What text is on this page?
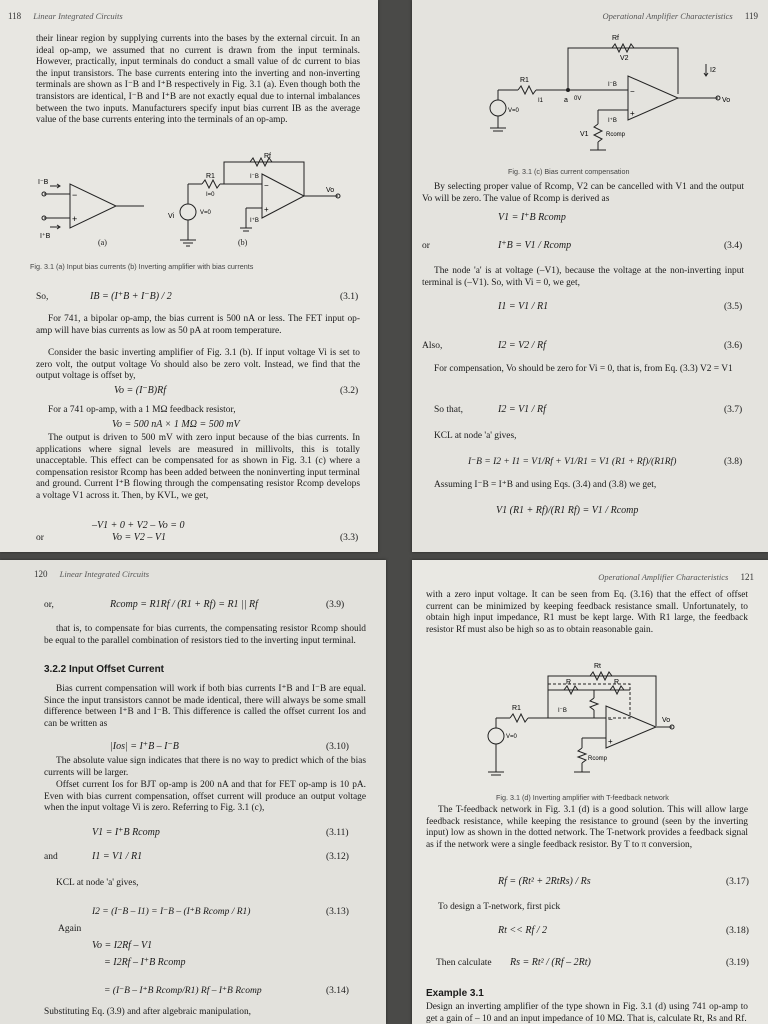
118 Linear Integrated Circuits
their linear region by supplying currents into the bases by the external circuit. In an ideal op-amp, we assumed that no current is drawn from the input terminals. However, practically, input terminals do conduct a small value of dc current to bias the input transistors. The base currents entering into the inverting and non-inverting terminals are shown as I⁻B and I⁺B respectively in Fig. 3.1 (a). Even though both the transistors are identical, I⁻B and I⁺B are not exactly equal due to internal imbalances between the two inputs. Manufacturers specify input bias current IB as the average value of the base currents entering into the terminals of an op-amp.
−
+
I⁻B
I⁺B
(a)
Rf
R1
−
+
I⁻B
I⁺B
I=0
V=0
Vi
Vo
(b)
Fig. 3.1 (a) Input bias currents (b) Inverting amplifier with bias currents
So,	IB = (I⁺B + I⁻B) / 2	(3.1)
For 741, a bipolar op-amp, the bias current is 500 nA or less. The FET input op-amp will have bias currents as low as 50 pA at room temperature.
Consider the basic inverting amplifier of Fig. 3.1 (b). If input voltage Vi is set to zero volt, the output voltage Vo should also be zero volt. Instead, we find that the output voltage is offset by,
Vo = (I⁻B)Rf	(3.2)
For a 741 op-amp, with a 1 MΩ feedback resistor,
Vo = 500 nA × 1 MΩ = 500 mV
The output is driven to 500 mV with zero input because of the bias currents. In applications where signal levels are measured in millivolts, this is totally unacceptable. This effect can be compensated for as shown in Fig. 3.1 (c) where a compensation resistor Rcomp has been added between the noninverting input terminal and ground. Current I⁺B flowing through the compensating resistor Rcomp develops a voltage V1 across it. Then, by KVL, we get,
–V1 + 0 + V2 – Vo = 0
or	Vo = V2 – V1	(3.3)
Operational Amplifier Characteristics 119
Rf
V2
I2
R1
I1	a 0V
I⁻B
I⁺B
−
+
Vo
V=0
V1	Rcomp
Fig. 3.1 (c) Bias current compensation
By selecting proper value of Rcomp, V2 can be cancelled with V1 and the output Vo will be zero. The value of Rcomp is derived as
V1 = I⁺B Rcomp
or	I⁺B = V1 / Rcomp	(3.4)
The node 'a' is at voltage (–V1), because the voltage at the non-inverting input terminal is (–V1). So, with Vi = 0, we get,
I1 = V1 / R1	(3.5)
Also,	I2 = V2 / Rf	(3.6)
For compensation, Vo should be zero for Vi = 0, that is, from Eq. (3.3) V2 = V1
So that,	I2 = V1 / Rf	(3.7)
KCL at node 'a' gives,
I⁻B = I2 + I1 = V1/Rf + V1/R1 = V1 (R1 + Rf)/(R1Rf)	(3.8)
Assuming I⁻B = I⁺B and using Eqs. (3.4) and (3.8) we get,
V1 (R1 + Rf)/(R1 Rf) = V1 / Rcomp
120 Linear Integrated Circuits
or,	Rcomp = R1Rf / (R1 + Rf) = R1 || Rf	(3.9)
that is, to compensate for bias currents, the compensating resistor Rcomp should be equal to the parallel combination of resistors tied to the inverting input terminal.
3.2.2 Input Offset Current
Bias current compensation will work if both bias currents I⁺B and I⁻B are equal. Since the input transistors cannot be made identical, there will always be some small difference between I⁺B and I⁻B. This difference is called the offset current Ios and can be written as
|Ios| = I⁺B – I⁻B	(3.10)
The absolute value sign indicates that there is no way to predict which of the bias currents will be larger.
Offset current Ios for BJT op-amp is 200 nA and that for FET op-amp is 10 pA. Even with bias current compensation, offset current will produce an output voltage when the input voltage Vi is zero. Referring to Fig. 3.1 (c),
V1 = I⁺B Rcomp	(3.11)
and	I1 = V1 / R1	(3.12)
KCL at node 'a' gives,
I2 = (I⁻B – I1) = I⁻B – (I⁺B Rcomp / R1)	(3.13)
Again
Vo = I2Rf – V1
= I2Rf – I⁺B Rcomp
= (I⁻B – I⁺B Rcomp/R1) Rf – I⁺B Rcomp	(3.14)
Substituting Eq. (3.9) and after algebraic manipulation,
Operational Amplifier Characteristics 121
with a zero input voltage. It can be seen from Eq. (3.16) that the effect of offset current can be minimized by keeping feedback resistance small. Unfortunately, to obtain high input impedance, R1 must be kept large. With R1 large, the feedback resistor Rf must also be high so as to obtain reasonable gain.
Rt
R	R
R1	I⁻B
V=0
Rcomp
−
+
Vo
Fig. 3.1 (d) Inverting amplifier with T-feedback network
The T-feedback network in Fig. 3.1 (d) is a good solution. This will allow large feedback resistance, while keeping the resistance to ground (seen by the inverting input) low as shown in the dotted network. The T-network provides a feedback signal as if the network were a single feedback resistor. By T to π conversion,
Rf = (Rt² + 2RtRs) / Rs	(3.17)
To design a T-network, first pick
Rt << Rf / 2	(3.18)
Then calculate Rs = Rt² / (Rf – 2Rt)	(3.19)
Example 3.1
Design an inverting amplifier of the type shown in Fig. 3.1 (d) using 741 op-amp to get a gain of – 10 and an input impedance of 10 MΩ. That is, calculate Rt, Rs and Rf.
